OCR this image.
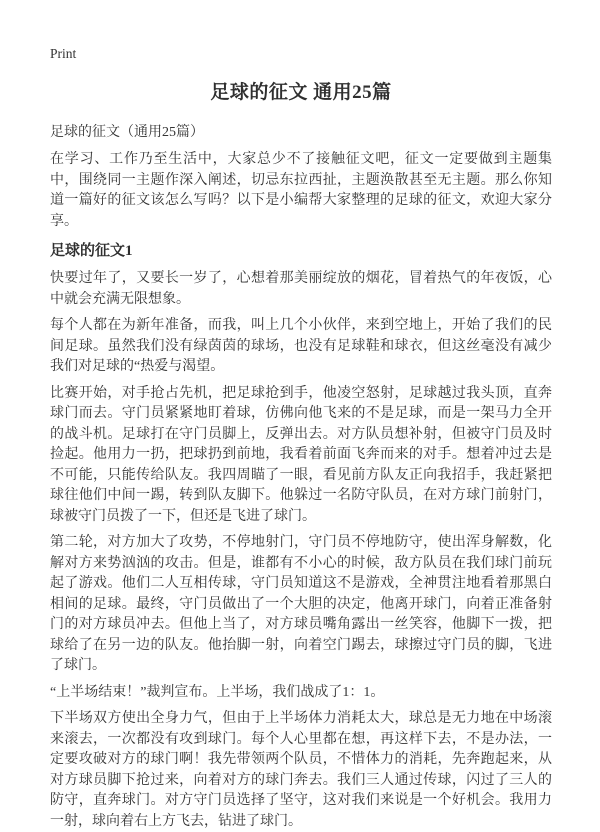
Print
足球的征文 通用25篇

足球的征文（通用25篇）

在学习、工作乃至生活中，大家总少不了接触征文吧，征文一定要做到主题集中，围绕同一主题作深入阐述，切忌东拉西扯，主题涣散甚至无主题。那么你知道一篇好的征文该怎么写吗？以下是小编帮大家整理的足球的征文，欢迎大家分享。

足球的征文1

快要过年了，又要长一岁了，心想着那美丽绽放的烟花，冒着热气的年夜饭，心中就会充满无限想象。

每个人都在为新年准备，而我，叫上几个小伙伴，来到空地上，开始了我们的民间足球。虽然我们没有绿茵茵的球场，也没有足球鞋和球衣，但这丝毫没有减少我们对足球的“热爱与渴望。

比赛开始，对手抢占先机，把足球抢到手，他凌空怒射，足球越过我头顶，直奔球门而去。守门员紧紧地盯着球，仿佛向他飞来的不是足球，而是一架马力全开的战斗机。足球打在守门员脚上，反弹出去。对方队员想补射，但被守门员及时捡起。他用力一扔，把球扔到前地，我看着前面飞奔而来的对手。想着冲过去是不可能，只能传给队友。我四周瞄了一眼，看见前方队友正向我招手，我赶紧把球往他们中间一踢，转到队友脚下。他躲过一名防守队员，在对方球门前射门，球被守门员拨了一下，但还是飞进了球门。

第二轮，对方加大了攻势，不停地射门，守门员不停地防守，使出浑身解数，化解对方来势汹汹的攻击。但是，谁都有不小心的时候，敌方队员在我们球门前玩起了游戏。他们二人互相传球，守门员知道这不是游戏，全神贯注地看着那黑白相间的足球。最终，守门员做出了一个大胆的决定，他离开球门，向着正准备射门的对方球员冲去。但他上当了，对方球员嘴角露出一丝笑容，他脚下一拨，把球给了在另一边的队友。他抬脚一射，向着空门踢去，球擦过守门员的脚，飞进了球门。

“上半场结束！”裁判宣布。上半场，我们战成了1：1。

下半场双方使出全身力气，但由于上半场体力消耗太大，球总是无力地在中场滚来滚去，一次都没有攻到球门。每个人心里都在想，再这样下去，不是办法，一定要攻破对方的球门啊！我先带领两个队员，不惜体力的消耗，先奔跑起来，从对方球员脚下抢过来，向着对方的球门奔去。我们三人通过传球，闪过了三人的防守，直奔球门。对方守门员选择了坚守，这对我们来说是一个好机会。我用力一射，球向着右上方飞去，钻进了球门。
